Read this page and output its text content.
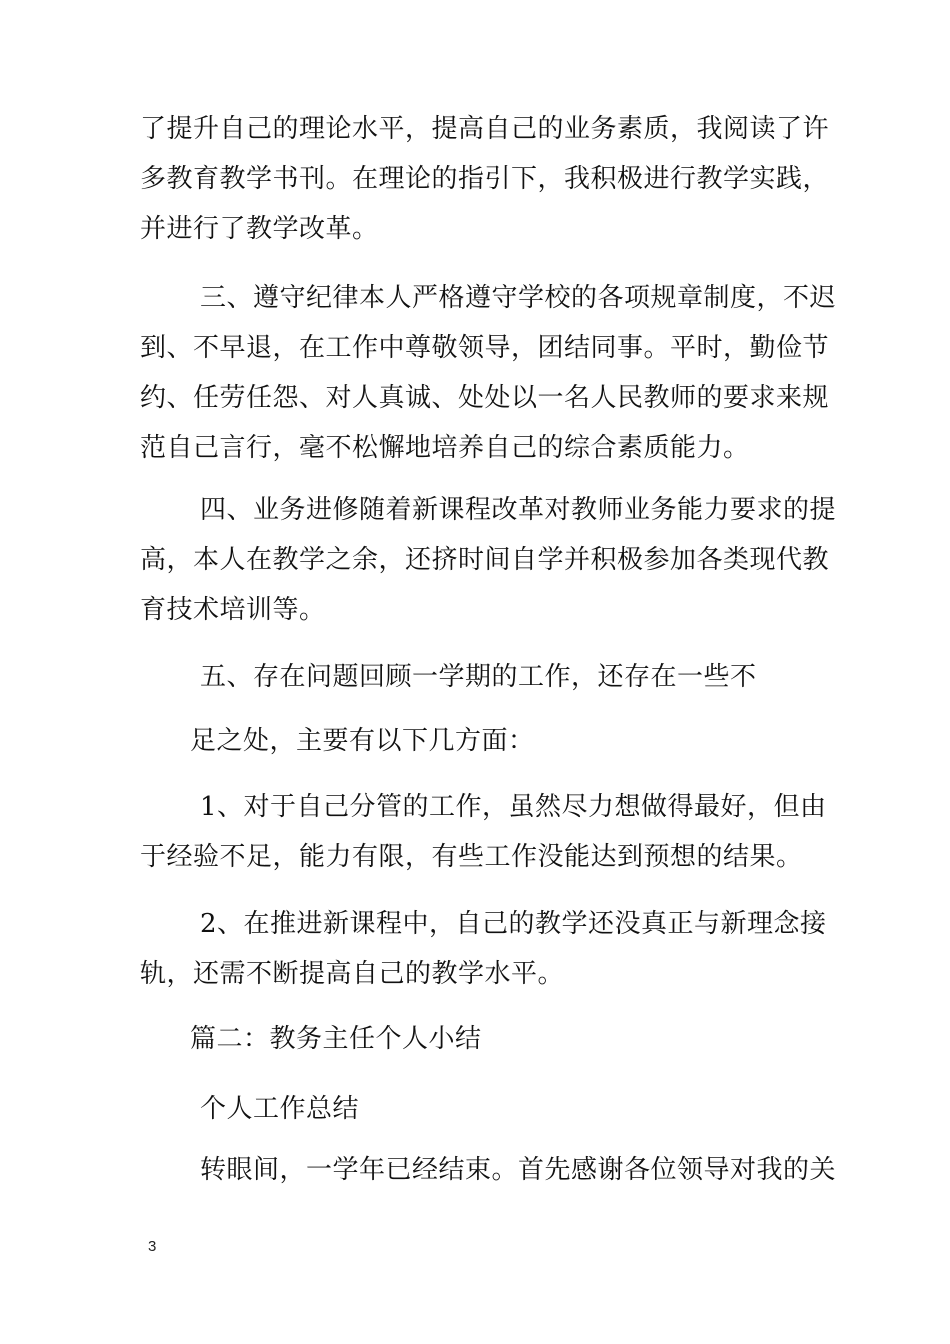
了提升自己的理论水平，提高自己的业务素质，我阅读了许
多教育教学书刊。在理论的指引下，我积极进行教学实践，
并进行了教学改革。
三、遵守纪律本人严格遵守学校的各项规章制度，不迟
到、不早退，在工作中尊敬领导，团结同事。平时，勤俭节
约、任劳任怨、对人真诚、处处以一名人民教师的要求来规
范自己言行，毫不松懈地培养自己的综合素质能力。
四、业务进修随着新课程改革对教师业务能力要求的提
高，本人在教学之余，还挤时间自学并积极参加各类现代教
育技术培训等。
五、存在问题回顾一学期的工作，还存在一些不
足之处，主要有以下几方面：
1、对于自己分管的工作，虽然尽力想做得最好，但由
于经验不足，能力有限，有些工作没能达到预想的结果。
2、在推进新课程中，自己的教学还没真正与新理念接
轨，还需不断提高自己的教学水平。
篇二：教务主任个人小结
个人工作总结
转眼间，一学年已经结束。首先感谢各位领导对我的关
3
